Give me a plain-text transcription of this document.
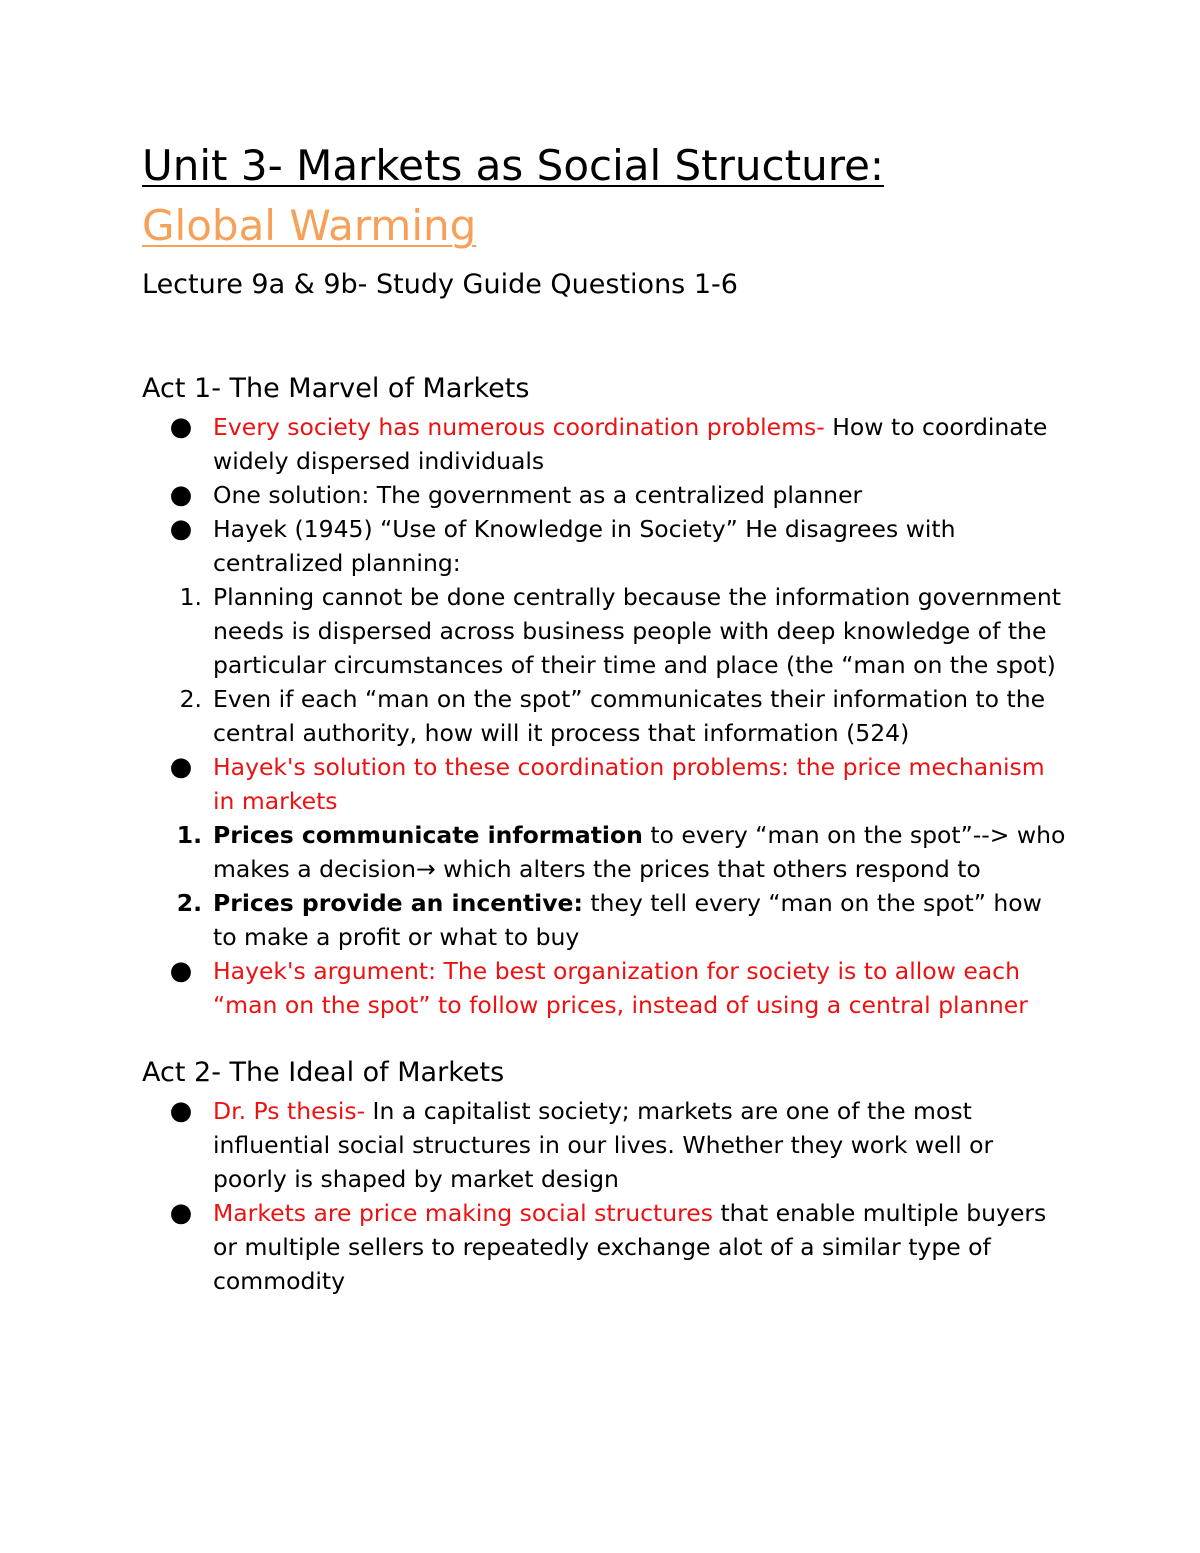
Unit 3- Markets as Social Structure:
Global Warming
Lecture 9a & 9b- Study Guide Questions 1-6
Act 1- The Marvel of Markets
● Every society has numerous coordination problems- How to coordinate widely dispersed individuals
● One solution: The government as a centralized planner
● Hayek (1945) “Use of Knowledge in Society” He disagrees with centralized planning:
1. Planning cannot be done centrally because the information government needs is dispersed across business people with deep knowledge of the particular circumstances of their time and place (the “man on the spot)
2. Even if each “man on the spot” communicates their information to the central authority, how will it process that information (524)
● Hayek's solution to these coordination problems: the price mechanism in markets
1. Prices communicate information to every “man on the spot”--> who makes a decision→ which alters the prices that others respond to
2. Prices provide an incentive: they tell every “man on the spot” how to make a profit or what to buy
● Hayek's argument: The best organization for society is to allow each “man on the spot” to follow prices, instead of using a central planner
Act 2- The Ideal of Markets
● Dr. Ps thesis- In a capitalist society; markets are one of the most influential social structures in our lives. Whether they work well or poorly is shaped by market design
● Markets are price making social structures that enable multiple buyers or multiple sellers to repeatedly exchange alot of a similar type of commodity
